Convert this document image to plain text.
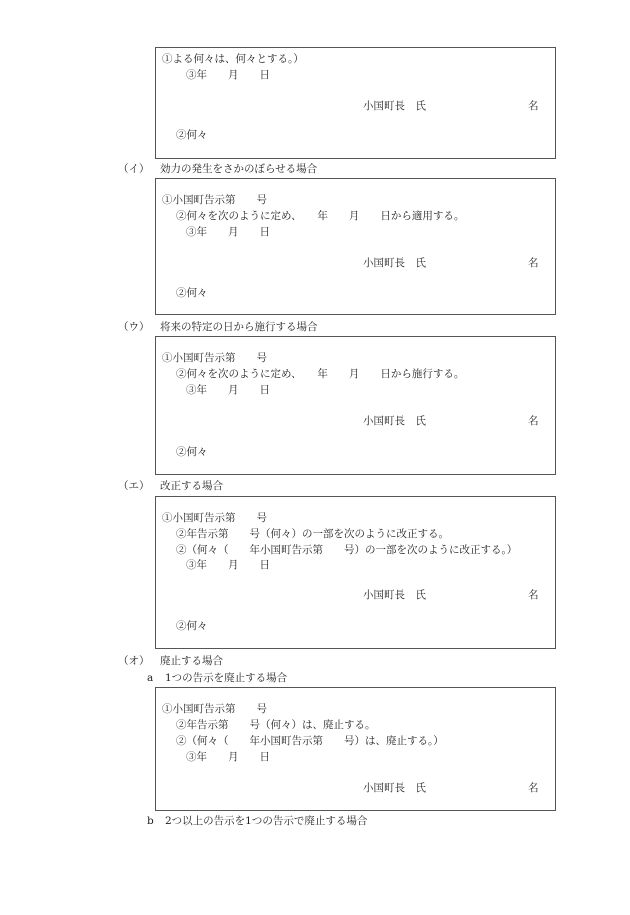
①よる何々は、何々とする。）
③年　　月　　日
小国町長　氏	名
②何々
（イ） 効力の発生をさかのぼらせる場合
①小国町告示第　　号
②何々を次のように定め、　　年　　月　　日から適用する。
③年　　月　　日
小国町長　氏	名
②何々
（ウ） 将来の特定の日から施行する場合
①小国町告示第　　号
②何々を次のように定め、　　年　　月　　日から施行する。
③年　　月　　日
小国町長　氏	名
②何々
（エ） 改正する場合
①小国町告示第　　号
②年告示第　　号（何々）の一部を次のように改正する。
②（何々（　　年小国町告示第　　号）の一部を次のように改正する。）
③年　　月　　日
小国町長　氏	名
②何々
（オ） 廃止する場合
a 1つの告示を廃止する場合
①小国町告示第　　号
②年告示第　　号（何々）は、廃止する。
②（何々（　　年小国町告示第　　号）は、廃止する。）
③年　　月　　日
小国町長　氏	名
b 2つ以上の告示を1つの告示で廃止する場合
